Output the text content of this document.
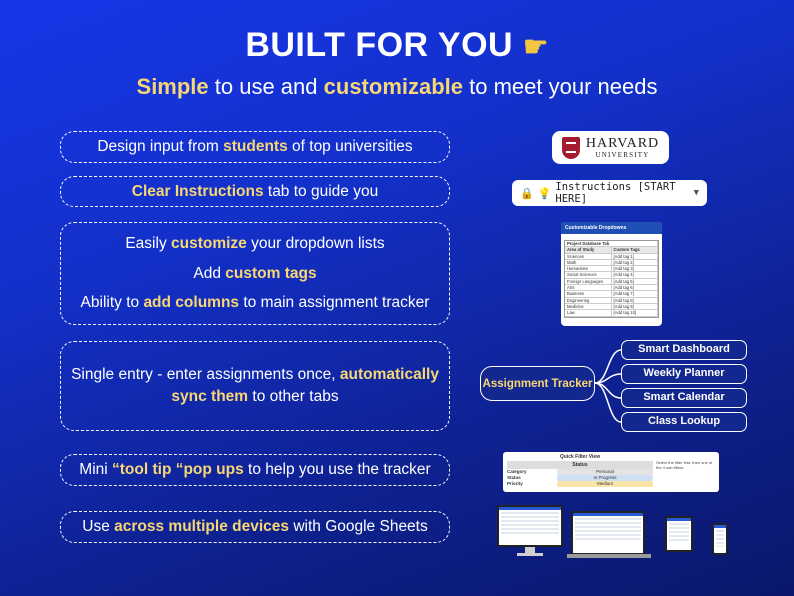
BUILT FOR YOU ☛
Simple to use and customizable to meet your needs

Design input from students of top universities

Clear Instructions tab to guide you

Easily customize your dropdown lists

Add custom tags

Ability to add columns to main assignment tracker

Single entry - enter assignments once, automatically

sync them to other tabs

Mini “tool tip “pop ups to help you use the tracker

Use across multiple devices with Google Sheets

HARVARD
UNIVERSITY
🔒 💡 Instructions [START HERE]	▼
Customizable Dropdowns
Project Database Tab
Area of Study	Custom Tags
Sciences	[Add tag 1]
Math	[Add tag 2]
Humanities	[Add tag 3]
Social Sciences	[Add tag 4]
Foreign Languages	[Add tag 5]
Arts	[Add tag 6]
Business	[Add tag 7]
Engineering	[Add tag 8]
Medicine	[Add tag 9]
Law	[Add tag 10]
Assignment Tracker
Smart Dashboard
Weekly Planner
Smart Calendar
Class Lookup
Quick Filter View
Status	Select the filter first, then one of the 4 sub-filters
Category	Personal
Status	In Progress
Priority	Medium
